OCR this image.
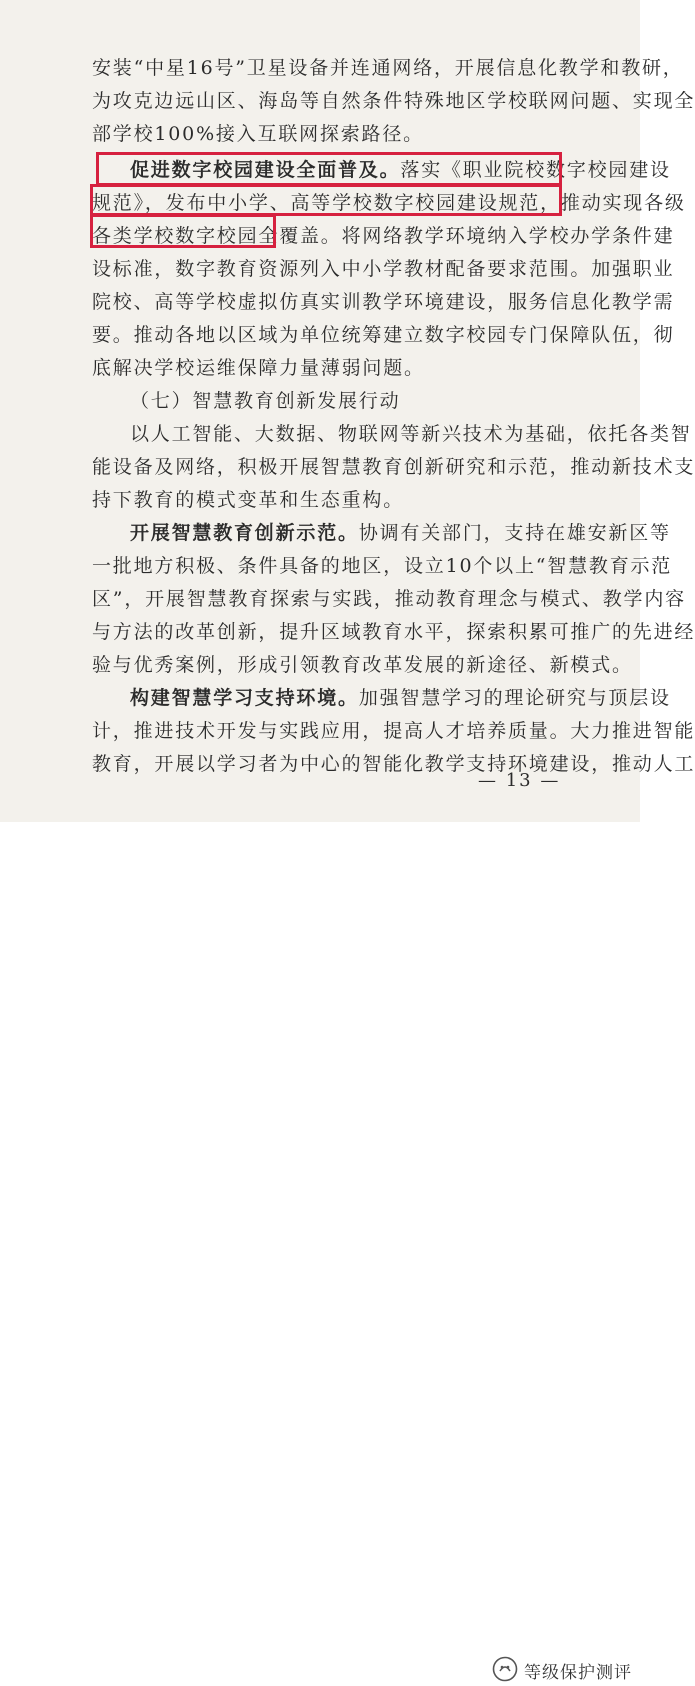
安装“中星16号”卫星设备并连通网络，开展信息化教学和教研，
为攻克边远山区、海岛等自然条件特殊地区学校联网问题、实现全
部学校100%接入互联网探索路径。
促进数字校园建设全面普及。落实《职业院校数字校园建设
规范》，发布中小学、高等学校数字校园建设规范，推动实现各级
各类学校数字校园全覆盖。将网络教学环境纳入学校办学条件建
设标准，数字教育资源列入中小学教材配备要求范围。加强职业
院校、高等学校虚拟仿真实训教学环境建设，服务信息化教学需
要。推动各地以区域为单位统筹建立数字校园专门保障队伍，彻
底解决学校运维保障力量薄弱问题。
（七）智慧教育创新发展行动
以人工智能、大数据、物联网等新兴技术为基础，依托各类智
能设备及网络，积极开展智慧教育创新研究和示范，推动新技术支
持下教育的模式变革和生态重构。
开展智慧教育创新示范。协调有关部门，支持在雄安新区等
一批地方积极、条件具备的地区，设立10个以上“智慧教育示范
区”，开展智慧教育探索与实践，推动教育理念与模式、教学内容
与方法的改革创新，提升区域教育水平，探索积累可推广的先进经
验与优秀案例，形成引领教育改革发展的新途径、新模式。
构建智慧学习支持环境。加强智慧学习的理论研究与顶层设
计，推进技术开发与实践应用，提高人才培养质量。大力推进智能
教育，开展以学习者为中心的智能化教学支持环境建设，推动人工
— 13 —
等级保护测评
